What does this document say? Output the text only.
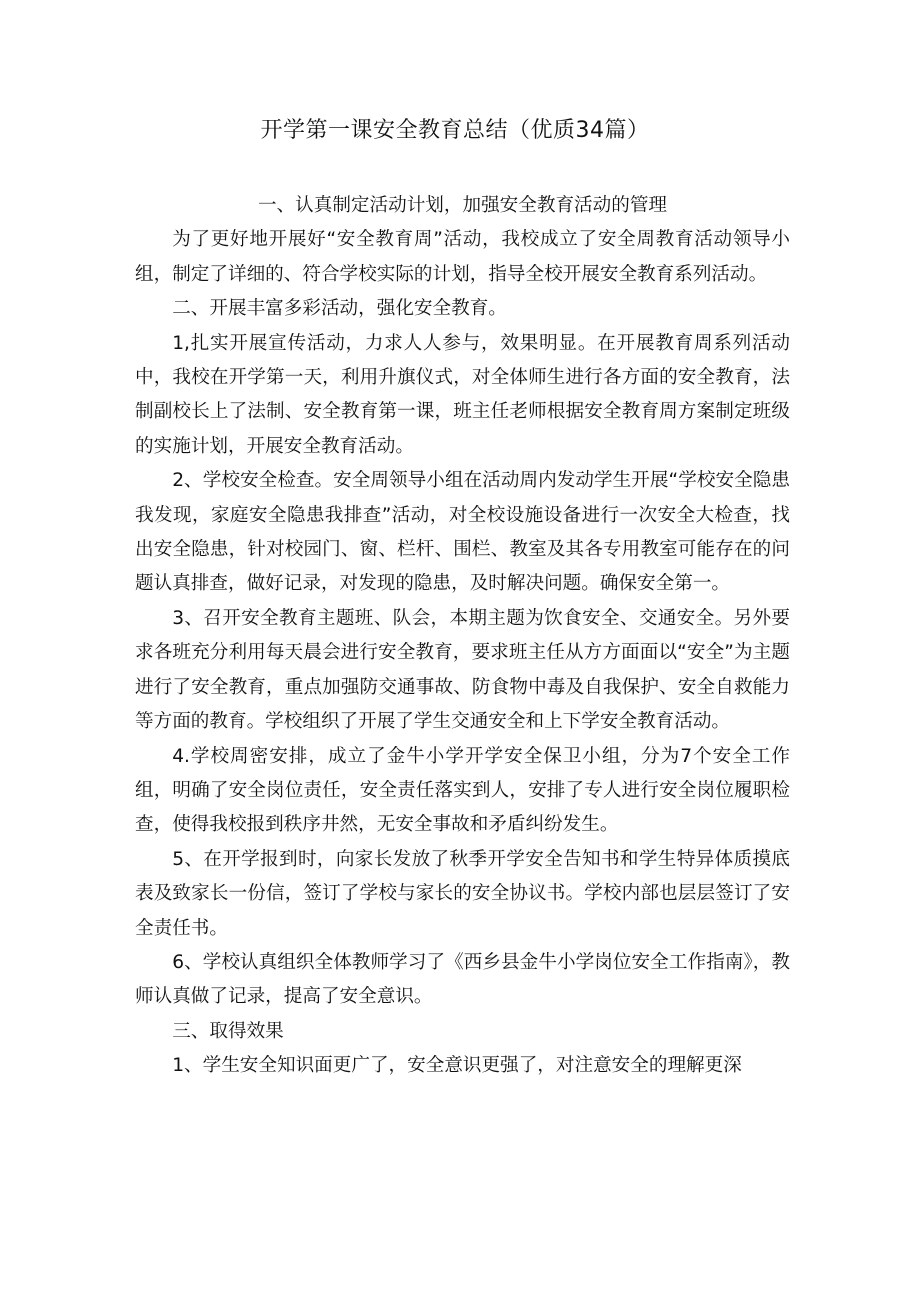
开学第一课安全教育总结（优质34篇）

一、认真制定活动计划，加强安全教育活动的管理

为了更好地开展好“安全教育周”活动，我校成立了安全周教育活动领导小组，制定了详细的、符合学校实际的计划，指导全校开展安全教育系列活动。

二、开展丰富多彩活动，强化安全教育。

1,扎实开展宣传活动，力求人人参与，效果明显。在开展教育周系列活动中，我校在开学第一天，利用升旗仪式，对全体师生进行各方面的安全教育，法制副校长上了法制、安全教育第一课，班主任老师根据安全教育周方案制定班级的实施计划，开展安全教育活动。

2、学校安全检查。安全周领导小组在活动周内发动学生开展“学校安全隐患我发现，家庭安全隐患我排查”活动，对全校设施设备进行一次安全大检查，找出安全隐患，针对校园门、窗、栏杆、围栏、教室及其各专用教室可能存在的问题认真排查，做好记录，对发现的隐患，及时解决问题。确保安全第一。

3、召开安全教育主题班、队会，本期主题为饮食安全、交通安全。另外要求各班充分利用每天晨会进行安全教育，要求班主任从方方面面以“安全”为主题进行了安全教育，重点加强防交通事故、防食物中毒及自我保护、安全自救能力等方面的教育。学校组织了开展了学生交通安全和上下学安全教育活动。

4.学校周密安排，成立了金牛小学开学安全保卫小组，分为7个安全工作组，明确了安全岗位责任，安全责任落实到人，安排了专人进行安全岗位履职检查，使得我校报到秩序井然，无安全事故和矛盾纠纷发生。

5、在开学报到时，向家长发放了秋季开学安全告知书和学生特异体质摸底表及致家长一份信，签订了学校与家长的安全协议书。学校内部也层层签订了安全责任书。

6、学校认真组织全体教师学习了《西乡县金牛小学岗位安全工作指南》，教师认真做了记录，提高了安全意识。

三、取得效果

1、学生安全知识面更广了，安全意识更强了，对注意安全的理解更深
